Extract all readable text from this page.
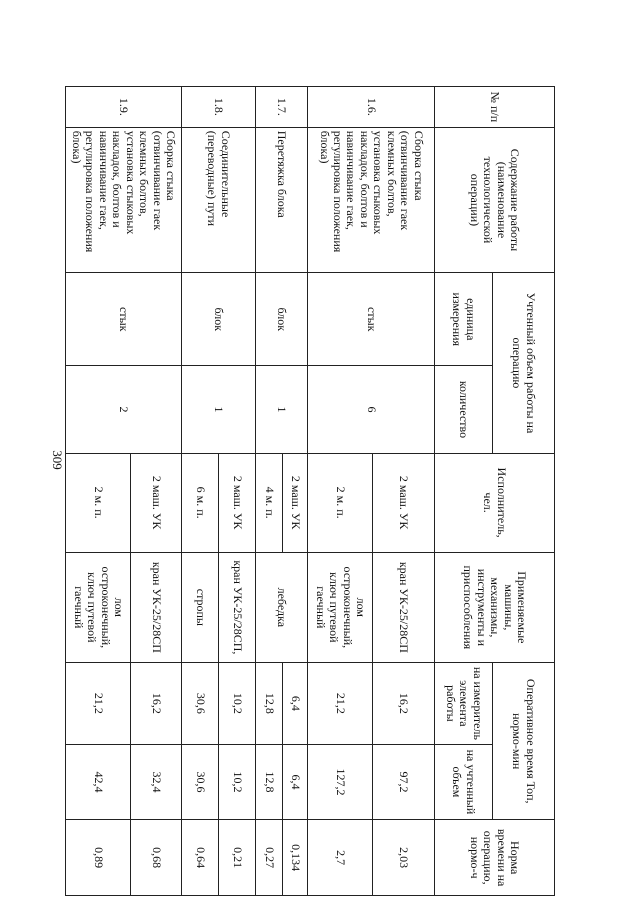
309
№ п/п	Содержание работы (наименование технологической операции)	Учтенный объем работы на операцию		Исполнитель, чел.	Применяемые машины, механизмы, инструменты и приспособления	Оперативное время Топ, нормо-мин		Норма времени на операцию, нормо-ч
		единица измерения	количество			на измеритель элемента работы	на учтенный объем	
1.6.	Сборка стыка (отвинчивание гаек клемных болтов, установка стыковых накладок, болтов и навинчивание гаек, регулировка положения блока)	стык	6	2 маш. УК	кран УК-25/28СП	16,2	97,2	2,03
				2 м. п.	лом остроконечный, ключ путевой гаечный	21,2	127,2	2,7
1.7.	Перетяжка блока	блок	1	2 маш. УК	лебедка	6,4	6,4	0,134
				4 м. п.		12,8	12,8	0,27
1.8.	Соединительные (переводные) пути	блок	1	2 маш. УК	кран УК-25/28СП,	10,2	10,2	0,21
				6 м. п.	стропы	30,6	30,6	0,64
1.9.	Сборка стыка (отвинчивание гаек клемных болтов, установка стыковых накладок, болтов и навинчивание гаек, регулировка положения блока)	стык	2	2 маш. УК	кран УК-25/28СП	16,2	32,4	0,68
				2 м. п.	лом остроконечный, ключ путевой гаечный	21,2	42,4	0,89
